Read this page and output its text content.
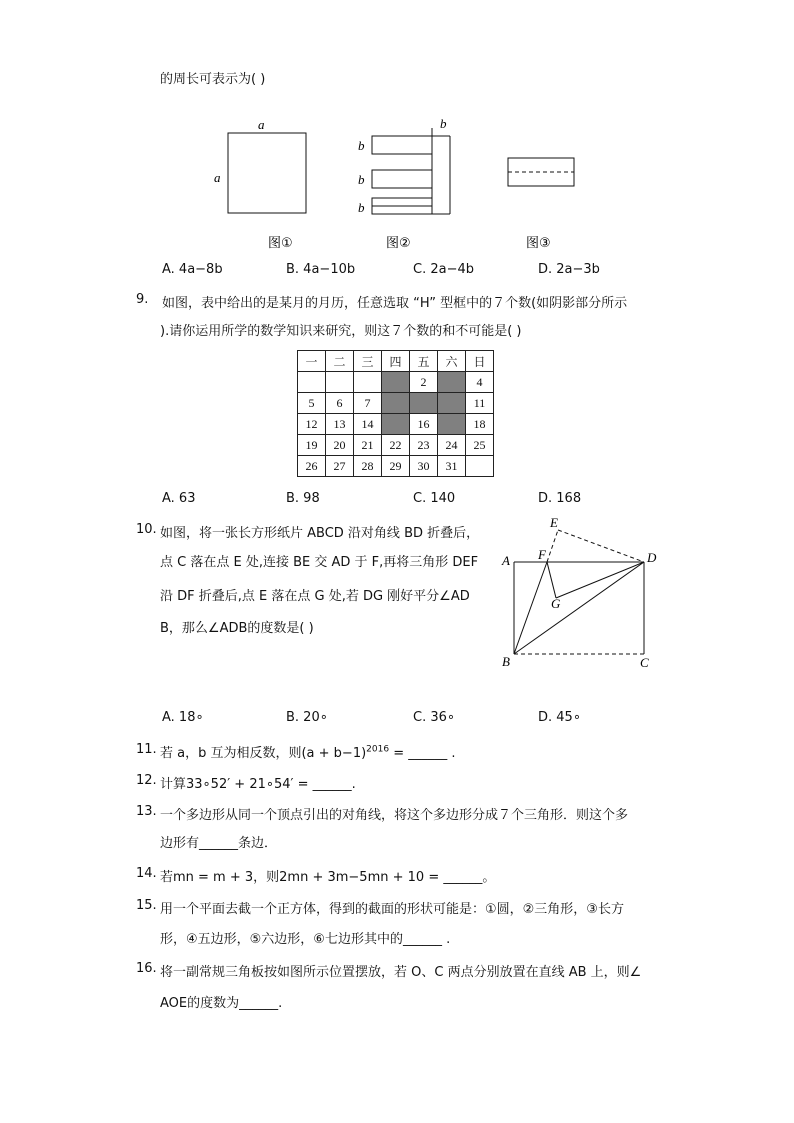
的周长可表示为( )
a
a
b
b
b
b
图①	图②	图③
A. 4a−8b	B. 4a−10b	C. 2a−4b	D. 2a−3b
9. 如图，表中给出的是某月的月历，任意选取 “H” 型框中的７个数(如阴影部分所示
).请你运用所学的数学知识来研究，则这７个数的和不可能是( )
一	二	三	四	五	六	日
				2		4
5	6	7				11
12	13	14		16		18
19	20	21	22	23	24	25
26	27	28	29	30	31	
A. 63	B. 98	C. 140	D. 168
10. 如图，将一张长方形纸片 ABCD 沿对角线 BD 折叠后，
点 C 落在点 E 处,连接 BE 交 AD 于 F,再将三角形 DEF
沿 DF 折叠后,点 E 落在点 G 处,若 DG 刚好平分∠AD
B，那么∠ADB的度数是( )
E
A F	D
G
B	C
A. 18∘	B. 20∘	C. 36∘	D. 45∘
11. 若 a，b 互为相反数，则$(a + b-1)^{2016}$ = ______ .
12. 计算33∘52′ + 21∘54′ = ______.
13. 一个多边形从同一个顶点引出的对角线，将这个多边形分成７个三角形．则这个多
边形有______条边．
14. 若mn = m + 3，则2mn + 3m−5mn + 10 = ______。
15. 用一个平面去截一个正方体，得到的截面的形状可能是：①圆，②三角形，③长方
形，④五边形，⑤六边形，⑥七边形其中的______ .
16. 将一副常规三角板按如图所示位置摆放，若 O、C 两点分别放置在直线 AB 上，则∠
AOE的度数为______.
